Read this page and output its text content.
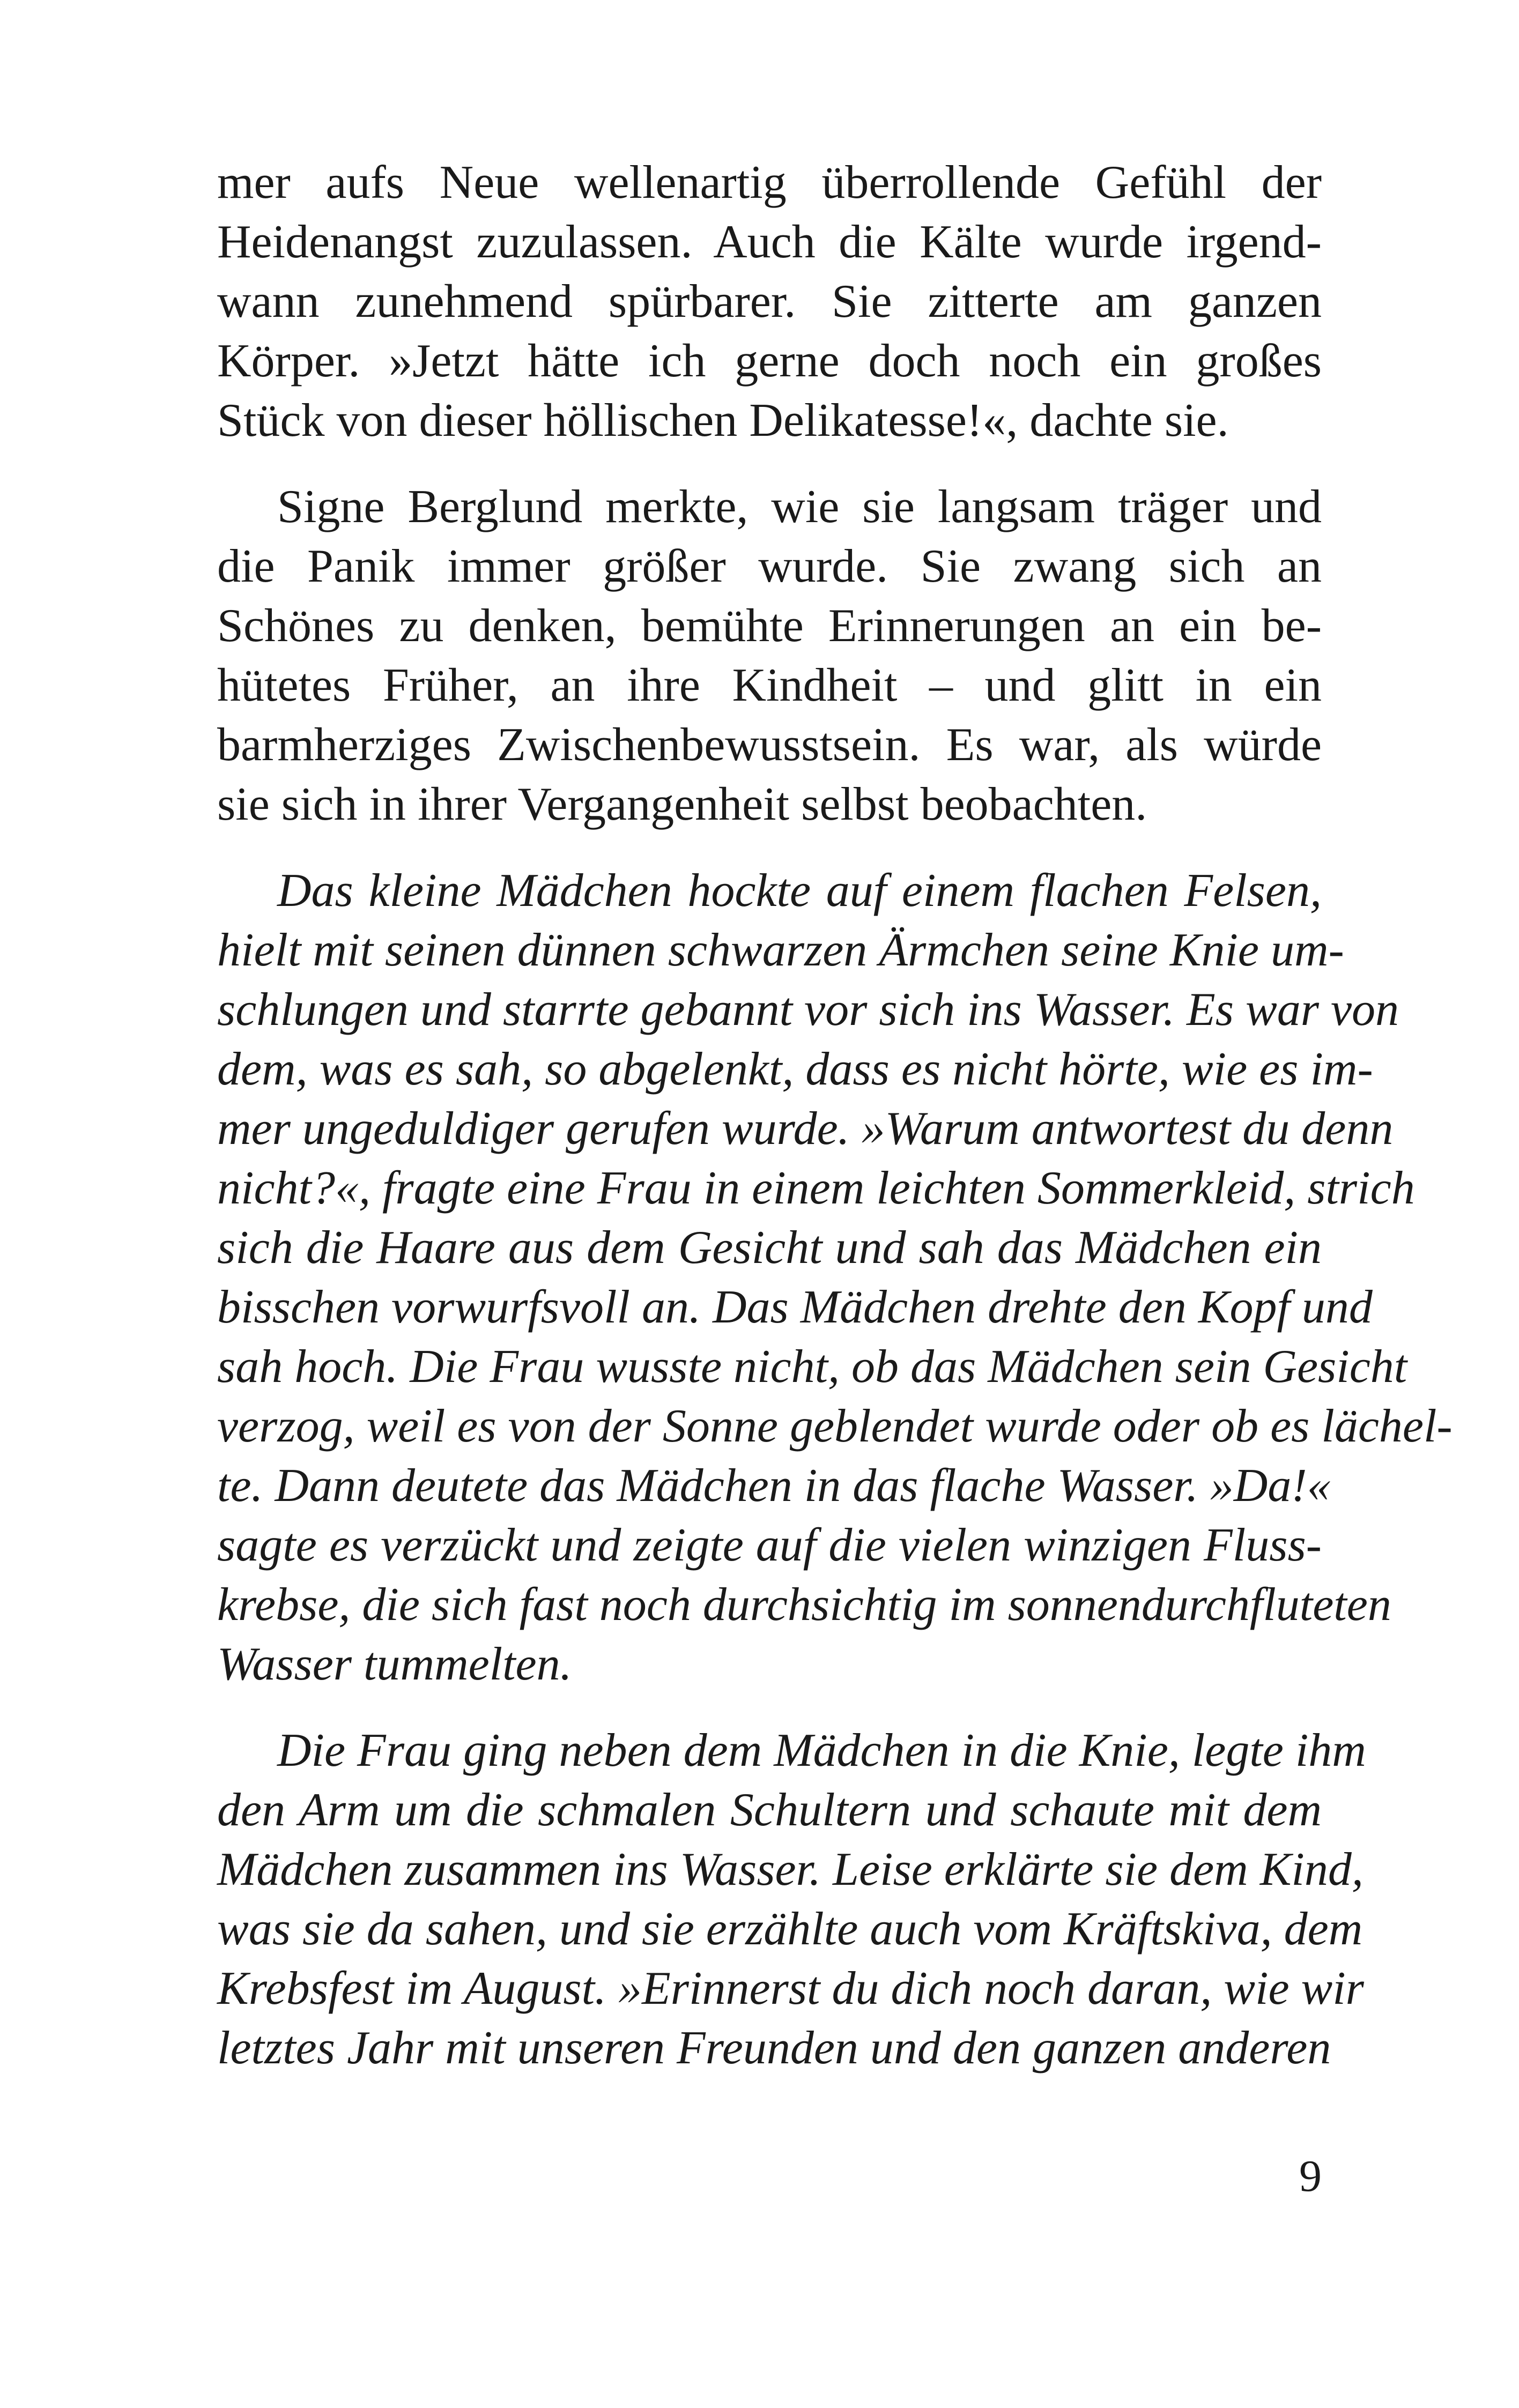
mer aufs Neue wellenartig überrollende Gefühl der
Heidenangst zuzulassen. Auch die Kälte wurde irgend-
wann zunehmend spürbarer. Sie zitterte am ganzen
Körper. »Jetzt hätte ich gerne doch noch ein großes
Stück von dieser höllischen Delikatesse!«, dachte sie.
Signe Berglund merkte, wie sie langsam träger und
die Panik immer größer wurde. Sie zwang sich an
Schönes zu denken, bemühte Erinnerungen an ein be-
hütetes Früher, an ihre Kindheit – und glitt in ein
barmherziges Zwischenbewusstsein. Es war, als würde
sie sich in ihrer Vergangenheit selbst beobachten.
Das kleine Mädchen hockte auf einem flachen Felsen,
hielt mit seinen dünnen schwarzen Ärmchen seine Knie um-
schlungen und starrte gebannt vor sich ins Wasser. Es war von
dem, was es sah, so abgelenkt, dass es nicht hörte, wie es im-
mer ungeduldiger gerufen wurde. »Warum antwortest du denn
nicht?«, fragte eine Frau in einem leichten Sommerkleid, strich
sich die Haare aus dem Gesicht und sah das Mädchen ein
bisschen vorwurfsvoll an. Das Mädchen drehte den Kopf und
sah hoch. Die Frau wusste nicht, ob das Mädchen sein Gesicht
verzog, weil es von der Sonne geblendet wurde oder ob es lächel-
te. Dann deutete das Mädchen in das flache Wasser. »Da!«
sagte es verzückt und zeigte auf die vielen winzigen Fluss-
krebse, die sich fast noch durchsichtig im sonnendurchfluteten
Wasser tummelten.
Die Frau ging neben dem Mädchen in die Knie, legte ihm
den Arm um die schmalen Schultern und schaute mit dem
Mädchen zusammen ins Wasser. Leise erklärte sie dem Kind,
was sie da sahen, und sie erzählte auch vom Kräftskiva, dem
Krebsfest im August. »Erinnerst du dich noch daran, wie wir
letztes Jahr mit unseren Freunden und den ganzen anderen
9
